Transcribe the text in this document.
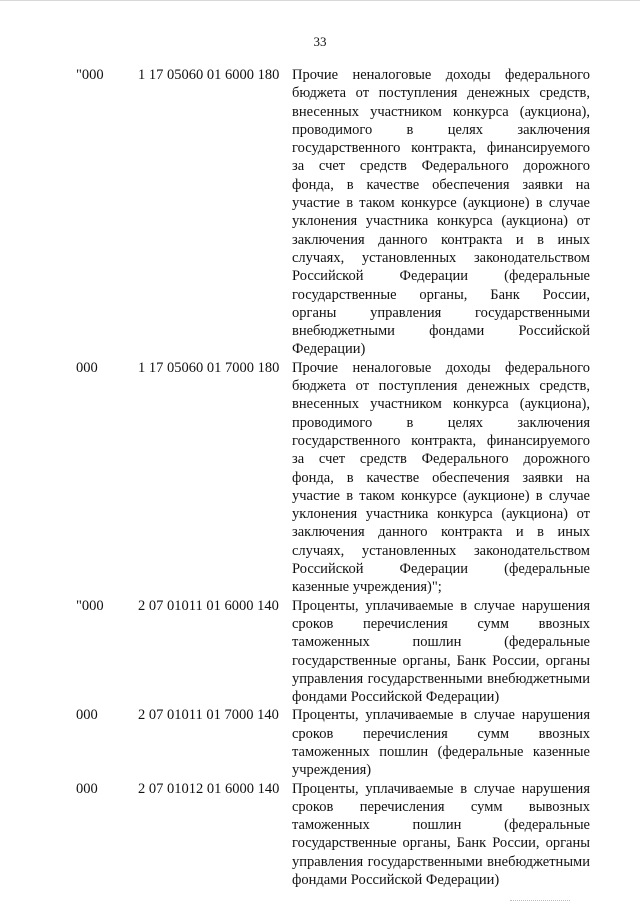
33
"000	1 17 05060 01 6000 180 Прочие неналоговые доходы федерального
бюджета от поступления денежных средств,
внесенных участником конкурса (аукциона),
проводимого в целях заключения
государственного контракта, финансируемого
за счет средств Федерального дорожного
фонда, в качестве обеспечения заявки на
участие в таком конкурсе (аукционе) в случае
уклонения участника конкурса (аукциона) от
заключения данного контракта и в иных
случаях, установленных законодательством
Российской Федерации (федеральные
государственные органы, Банк России,
органы управления государственными
внебюджетными фондами Российской
Федерации)
000	1 17 05060 01 7000 180 Прочие неналоговые доходы федерального
бюджета от поступления денежных средств,
внесенных участником конкурса (аукциона),
проводимого в целях заключения
государственного контракта, финансируемого
за счет средств Федерального дорожного
фонда, в качестве обеспечения заявки на
участие в таком конкурсе (аукционе) в случае
уклонения участника конкурса (аукциона) от
заключения данного контракта и в иных
случаях, установленных законодательством
Российской Федерации (федеральные
казенные учреждения)";
"000	2 07 01011 01 6000 140 Проценты, уплачиваемые в случае нарушения
сроков перечисления сумм ввозных
таможенных пошлин (федеральные
государственные органы, Банк России, органы
управления государственными внебюджетными
фондами Российской Федерации)
000	2 07 01011 01 7000 140 Проценты, уплачиваемые в случае нарушения
сроков перечисления сумм ввозных
таможенных пошлин (федеральные казенные
учреждения)
000	2 07 01012 01 6000 140 Проценты, уплачиваемые в случае нарушения
сроков перечисления сумм вывозных
таможенных пошлин (федеральные
государственные органы, Банк России, органы
управления государственными внебюджетными
фондами Российской Федерации)
